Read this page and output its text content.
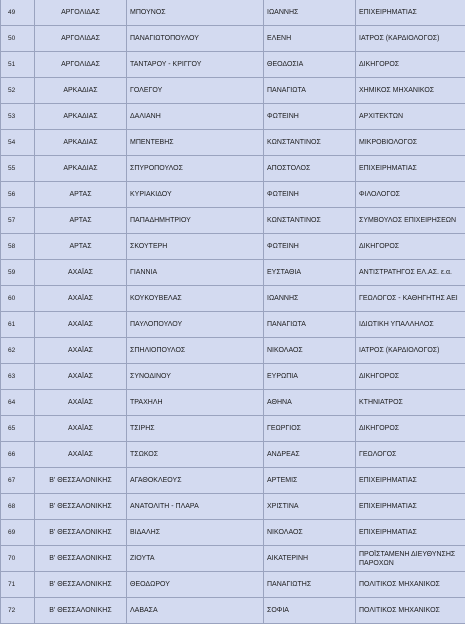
49	ΑΡΓΟΛΙΔΑΣ	ΜΠΟΥΝΟΣ	ΙΩΑΝΝΗΣ	ΕΠΙΧΕΙΡΗΜΑΤΙΑΣ

50	ΑΡΓΟΛΙΔΑΣ	ΠΑΝΑΓΙΩΤΟΠΟΥΛΟΥ	ΕΛΕΝΗ	ΙΑΤΡΟΣ (ΚΑΡΔΙΟΛΟΓΟΣ)

51	ΑΡΓΟΛΙΔΑΣ	ΤΑΝΤΑΡΟΥ - ΚΡΙΓΓΟΥ	ΘΕΟΔΟΣΙΑ	ΔΙΚΗΓΟΡΟΣ

52	ΑΡΚΑΔΙΑΣ	ΓΟΛΕΓΟΥ	ΠΑΝΑΓΙΩΤΑ	ΧΗΜΙΚΟΣ ΜΗΧΑΝΙΚΟΣ

53	ΑΡΚΑΔΙΑΣ	ΔΑΛΙΑΝΗ	ΦΩΤΕΙΝΗ	ΑΡΧΙΤΕΚΤΩΝ

54	ΑΡΚΑΔΙΑΣ	ΜΠΕΝΤΕΒΗΣ	ΚΩΝΣΤΑΝΤΙΝΟΣ	ΜΙΚΡΟΒΙΟΛΟΓΟΣ

55	ΑΡΚΑΔΙΑΣ	ΣΠΥΡΟΠΟΥΛΟΣ	ΑΠΟΣΤΟΛΟΣ	ΕΠΙΧΕΙΡΗΜΑΤΙΑΣ

56	ΑΡΤΑΣ	ΚΥΡΙΑΚΙΔΟΥ	ΦΩΤΕΙΝΗ	ΦΙΛΟΛΟΓΟΣ

57	ΑΡΤΑΣ	ΠΑΠΑΔΗΜΗΤΡΙΟΥ	ΚΩΝΣΤΑΝΤΙΝΟΣ	ΣΥΜΒΟΥΛΟΣ ΕΠΙΧΕΙΡΗΣΕΩΝ

58	ΑΡΤΑΣ	ΣΚΟΥΤΕΡΗ	ΦΩΤΕΙΝΗ	ΔΙΚΗΓΟΡΟΣ

59	ΑΧΑΪΑΣ	ΓΙΑΝΝΙΑ	ΕΥΣΤΑΘΙΑ	ΑΝΤΙΣΤΡΑΤΗΓΟΣ ΕΛ.ΑΣ. ε.α.

60	ΑΧΑΪΑΣ	ΚΟΥΚΟΥΒΕΛΑΣ	ΙΩΑΝΝΗΣ	ΓΕΩΛΟΓΟΣ - ΚΑΘΗΓΗΤΗΣ ΑΕΙ

61	ΑΧΑΪΑΣ	ΠΑΥΛΟΠΟΥΛΟΥ	ΠΑΝΑΓΙΩΤΑ	ΙΔΙΩΤΙΚΗ ΥΠΑΛΛΗΛΟΣ

62	ΑΧΑΪΑΣ	ΣΠΗΛΙΟΠΟΥΛΟΣ	ΝΙΚΟΛΑΟΣ	ΙΑΤΡΟΣ (ΚΑΡΔΙΟΛΟΓΟΣ)

63	ΑΧΑΪΑΣ	ΣΥΝΟΔΙΝΟΥ	ΕΥΡΩΠΙΑ	ΔΙΚΗΓΟΡΟΣ

64	ΑΧΑΪΑΣ	ΤΡΑΧΗΛΗ	ΑΘΗΝΑ	ΚΤΗΝΙΑΤΡΟΣ

65	ΑΧΑΪΑΣ	ΤΣΙΡΗΣ	ΓΕΩΡΓΙΟΣ	ΔΙΚΗΓΟΡΟΣ

66	ΑΧΑΪΑΣ	ΤΣΩΚΟΣ	ΑΝΔΡΕΑΣ	ΓΕΩΛΟΓΟΣ

67	Β' ΘΕΣΣΑΛΟΝΙΚΗΣ	ΑΓΑΘΟΚΛΕΟΥΣ	ΑΡΤΕΜΙΣ	ΕΠΙΧΕΙΡΗΜΑΤΙΑΣ

68	Β' ΘΕΣΣΑΛΟΝΙΚΗΣ	ΑΝΑΤΟΛΙΤΗ - ΠΛΑΡΑ	ΧΡΙΣΤΙΝΑ	ΕΠΙΧΕΙΡΗΜΑΤΙΑΣ

69	Β' ΘΕΣΣΑΛΟΝΙΚΗΣ	ΒΙΔΑΛΗΣ	ΝΙΚΟΛΑΟΣ	ΕΠΙΧΕΙΡΗΜΑΤΙΑΣ

70	Β' ΘΕΣΣΑΛΟΝΙΚΗΣ	ΖΙΟΥΤΑ	ΑΙΚΑΤΕΡΙΝΗ	ΠΡΟΪΣΤΑΜΕΝΗ ΔΙΕΥΘΥΝΣΗΣ ΠΑΡΟΧΩΝ

71	Β' ΘΕΣΣΑΛΟΝΙΚΗΣ	ΘΕΟΔΩΡΟΥ	ΠΑΝΑΓΙΩΤΗΣ	ΠΟΛΙΤΙΚΟΣ ΜΗΧΑΝΙΚΟΣ

72	Β' ΘΕΣΣΑΛΟΝΙΚΗΣ	ΛΑΒΑΣΑ	ΣΟΦΙΑ	ΠΟΛΙΤΙΚΟΣ ΜΗΧΑΝΙΚΟΣ
